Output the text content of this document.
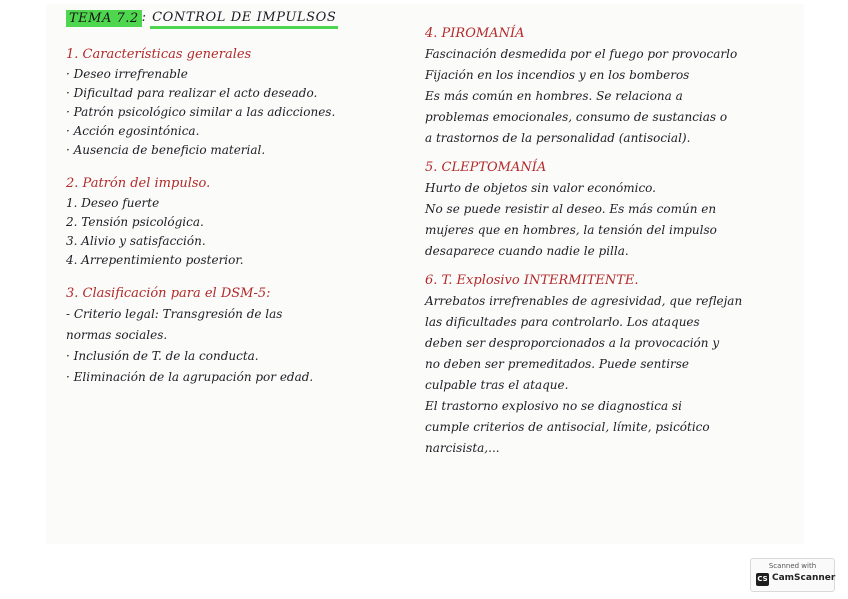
TEMA 7.2 : CONTROL DE IMPULSOS
1. Características generales
· Deseo irrefrenable
· Dificultad para realizar el acto deseado.
· Patrón psicológico similar a las adicciones.
· Acción egosintónica.
· Ausencia de beneficio material.
2. Patrón del impulso.
1. Deseo fuerte
2. Tensión psicológica.
3. Alivio y satisfacción.
4. Arrepentimiento posterior.
3. Clasificación para el DSM-5:
- Criterio legal: Transgresión de las
normas sociales.
· Inclusión de T. de la conducta.
· Eliminación de la agrupación por edad.
4. PIROMANÍA
Fascinación desmedida por el fuego por provocarlo
Fijación en los incendios y en los bomberos
Es más común en hombres. Se relaciona a
problemas emocionales, consumo de sustancias o
a trastornos de la personalidad (antisocial).
5. CLEPTOMANÍA
Hurto de objetos sin valor económico.
No se puede resistir al deseo. Es más común en
mujeres que en hombres, la tensión del impulso
desaparece cuando nadie le pilla.
6. T. Explosivo INTERMITENTE.
Arrebatos irrefrenables de agresividad, que reflejan
las dificultades para controlarlo. Los ataques
deben ser desproporcionados a la provocación y
no deben ser premeditados. Puede sentirse
culpable tras el ataque.
El trastorno explosivo no se diagnostica si
cumple criterios de antisocial, límite, psicótico
narcisista,...
Scanned with
CS CamScanner
